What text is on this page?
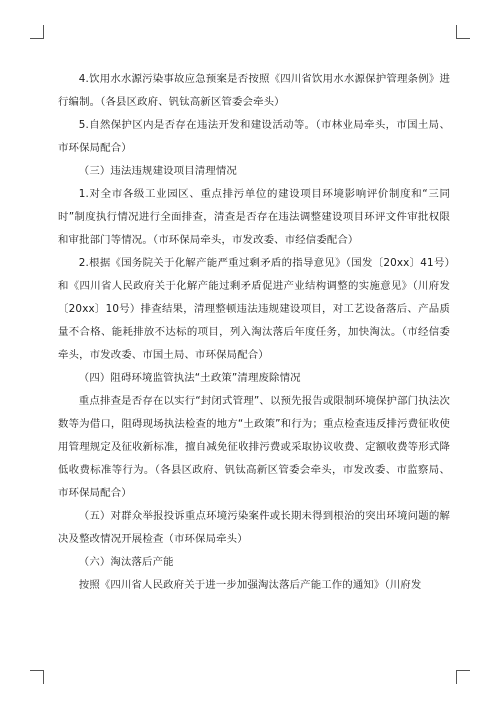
4.饮用水水源污染事故应急预案是否按照《四川省饮用水水源保护管理条例》进行编制。（各县区政府、钒钛高新区管委会牵头）

5.自然保护区内是否存在违法开发和建设活动等。（市林业局牵头，市国土局、市环保局配合）

（三）违法违规建设项目清理情况

1.对全市各级工业园区、重点排污单位的建设项目环境影响评价制度和“三同时”制度执行情况进行全面排查，清查是否存在违法调整建设项目环评文件审批权限和审批部门等情况。（市环保局牵头，市发改委、市经信委配合）

2.根据《国务院关于化解产能严重过剩矛盾的指导意见》（国发〔20xx〕41号）和《四川省人民政府关于化解产能过剩矛盾促进产业结构调整的实施意见》（川府发〔20xx〕10号）排查结果，清理整顿违法违规建设项目，对工艺设备落后、产品质量不合格、能耗排放不达标的项目，列入淘汰落后年度任务，加快淘汰。（市经信委牵头，市发改委、市国土局、市环保局配合）

（四）阻碍环境监管执法“土政策”清理废除情况

重点排查是否存在以实行“封闭式管理”、以预先报告或限制环境保护部门执法次数等为借口，阻碍现场执法检查的地方“土政策”和行为；重点检查违反排污费征收使用管理规定及征收新标准，擅自减免征收排污费或采取协议收费、定额收费等形式降低收费标准等行为。（各县区政府、钒钛高新区管委会牵头，市发改委、市监察局、市环保局配合）

（五）对群众举报投诉重点环境污染案件或长期未得到根治的突出环境问题的解决及整改情况开展检查（市环保局牵头）

（六）淘汰落后产能

按照《四川省人民政府关于进一步加强淘汰落后产能工作的通知》（川府发
